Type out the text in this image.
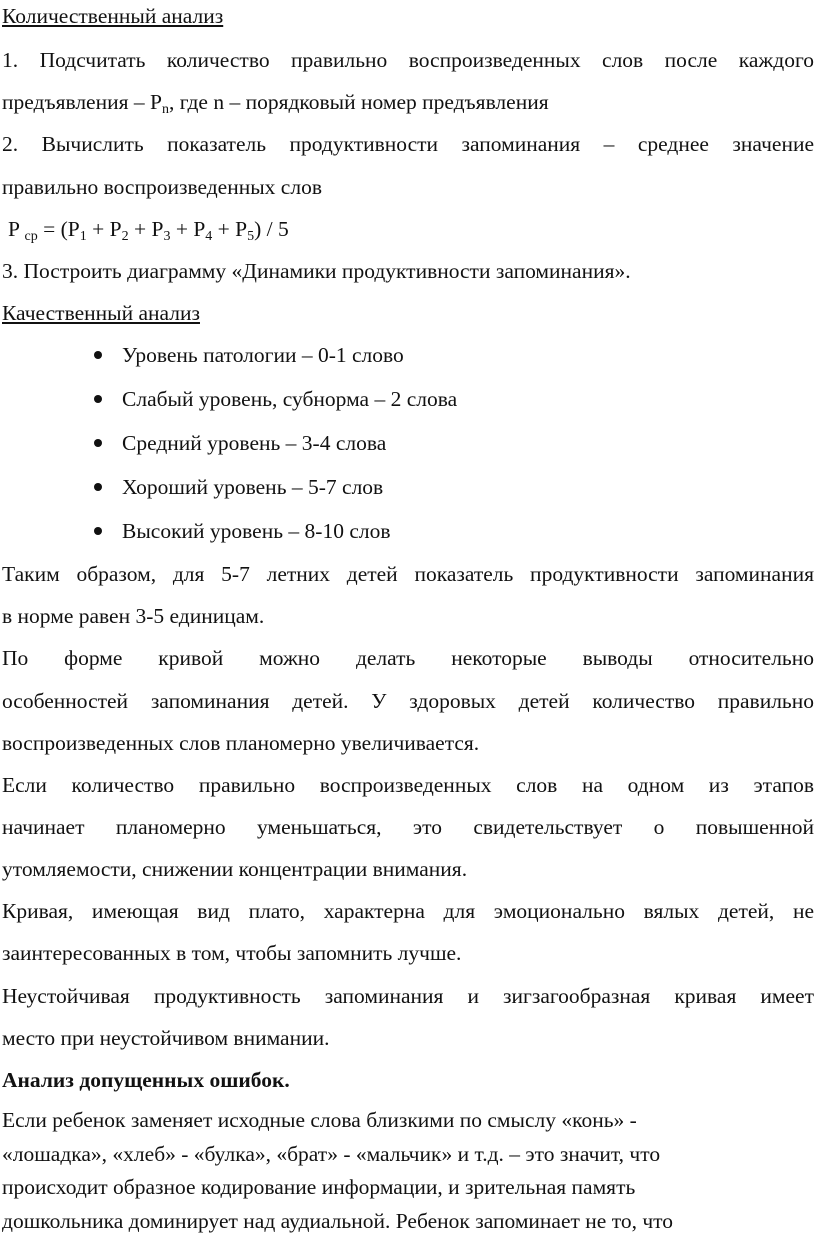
Количественный анализ
1. Подсчитать количество правильно воспроизведенных слов после каждого
предъявления – $P_n$, где n – порядковый номер предъявления
2. Вычислить показатель продуктивности запоминания – среднее значение
правильно воспроизведенных слов
P $_{ср} = (P_1 + P_2 + P_3 + P_4 + P_5) / 5$
3. Построить диаграмму «Динамики продуктивности запоминания».
Качественный анализ
Уровень патологии – 0-1 слово
Слабый уровень, субнорма – 2 слова
Средний уровень – 3-4 слова
Хороший уровень – 5-7 слов
Высокий уровень – 8-10 слов
Таким образом, для 5-7 летних детей показатель продуктивности запоминания
в норме равен 3-5 единицам.
По форме кривой можно делать некоторые выводы относительно
особенностей запоминания детей. У здоровых детей количество правильно
воспроизведенных слов планомерно увеличивается.
Если количество правильно воспроизведенных слов на одном из этапов
начинает планомерно уменьшаться, это свидетельствует о повышенной
утомляемости, снижении концентрации внимания.
Кривая, имеющая вид плато, характерна для эмоционально вялых детей, не
заинтересованных в том, чтобы запомнить лучше.
Неустойчивая продуктивность запоминания и зигзагообразная кривая имеет
место при неустойчивом внимании.
Анализ допущенных ошибок.
Если ребенок заменяет исходные слова близкими по смыслу «конь» -
«лошадка», «хлеб» - «булка», «брат» - «мальчик» и т.д. – это значит, что
происходит образное кодирование информации, и зрительная память
дошкольника доминирует над аудиальной. Ребенок запоминает не то, что
